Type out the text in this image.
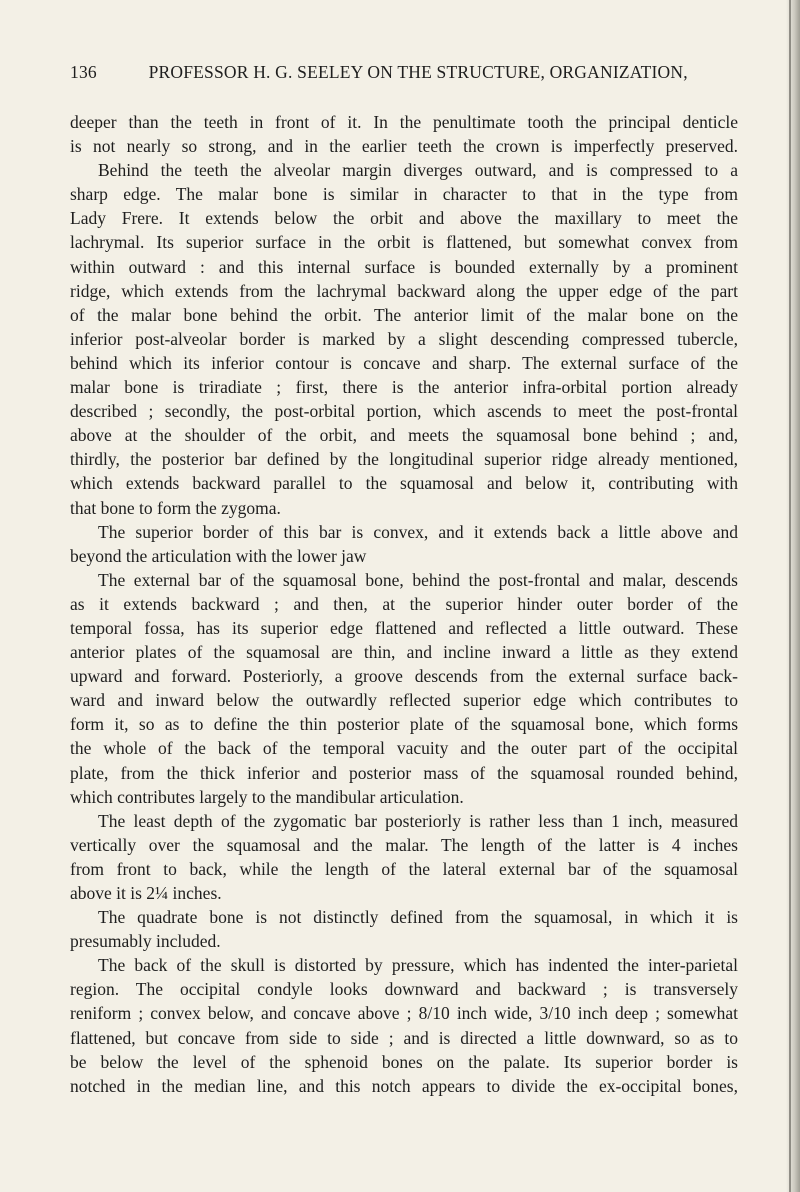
136	PROFESSOR H. G. SEELEY ON THE STRUCTURE, ORGANIZATION,
deeper than the teeth in front of it. In the penultimate tooth the principal denticle
is not nearly so strong, and in the earlier teeth the crown is imperfectly preserved.
Behind the teeth the alveolar margin diverges outward, and is compressed to a
sharp edge. The malar bone is similar in character to that in the type from
Lady Frere. It extends below the orbit and above the maxillary to meet the
lachrymal. Its superior surface in the orbit is flattened, but somewhat convex from
within outward : and this internal surface is bounded externally by a prominent
ridge, which extends from the lachrymal backward along the upper edge of the part
of the malar bone behind the orbit. The anterior limit of the malar bone on the
inferior post-alveolar border is marked by a slight descending compressed tubercle,
behind which its inferior contour is concave and sharp. The external surface of the
malar bone is triradiate ; first, there is the anterior infra-orbital portion already
described ; secondly, the post-orbital portion, which ascends to meet the post-frontal
above at the shoulder of the orbit, and meets the squamosal bone behind ; and,
thirdly, the posterior bar defined by the longitudinal superior ridge already mentioned,
which extends backward parallel to the squamosal and below it, contributing with
that bone to form the zygoma.
The superior border of this bar is convex, and it extends back a little above and
beyond the articulation with the lower jaw
The external bar of the squamosal bone, behind the post-frontal and malar, descends
as it extends backward ; and then, at the superior hinder outer border of the
temporal fossa, has its superior edge flattened and reflected a little outward. These
anterior plates of the squamosal are thin, and incline inward a little as they extend
upward and forward. Posteriorly, a groove descends from the external surface back-
ward and inward below the outwardly reflected superior edge which contributes to
form it, so as to define the thin posterior plate of the squamosal bone, which forms
the whole of the back of the temporal vacuity and the outer part of the occipital
plate, from the thick inferior and posterior mass of the squamosal rounded behind,
which contributes largely to the mandibular articulation.
The least depth of the zygomatic bar posteriorly is rather less than 1 inch, measured
vertically over the squamosal and the malar. The length of the latter is 4 inches
from front to back, while the length of the lateral external bar of the squamosal
above it is 2¼ inches.
The quadrate bone is not distinctly defined from the squamosal, in which it is
presumably included.
The back of the skull is distorted by pressure, which has indented the inter-parietal
region. The occipital condyle looks downward and backward ; is transversely
reniform ; convex below, and concave above ; 8/10 inch wide, 3/10 inch deep ; somewhat
flattened, but concave from side to side ; and is directed a little downward, so as to
be below the level of the sphenoid bones on the palate. Its superior border is
notched in the median line, and this notch appears to divide the ex-occipital bones,
